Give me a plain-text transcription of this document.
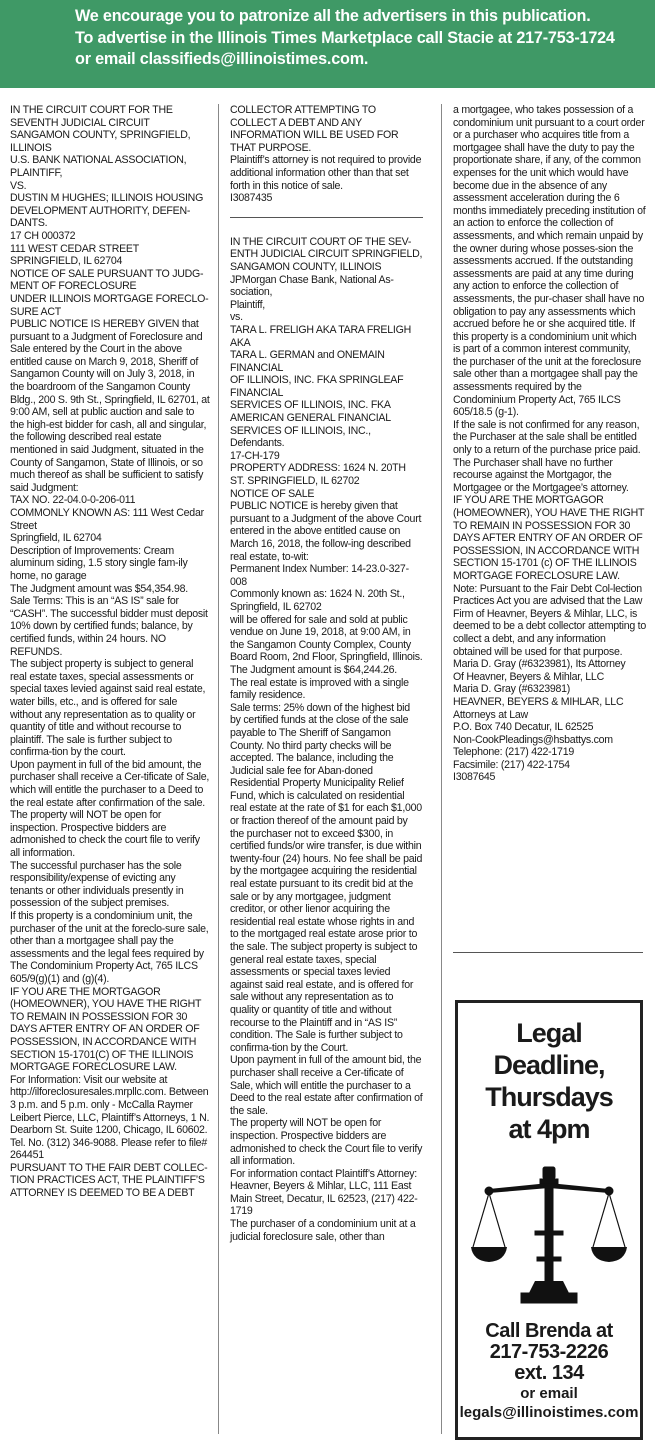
We encourage you to patronize all the advertisers in this publication.
To advertise in the Illinois Times Marketplace call Stacie at 217-753-1724
or email classifieds@illinoistimes.com.

IN THE CIRCUIT COURT FOR THE SEVENTH JUDICIAL CIRCUIT SANGAMON COUNTY, SPRINGFIELD, ILLINOIS

U.S. BANK NATIONAL ASSOCIATION, PLAINTIFF,

VS.

DUSTIN M HUGHES; ILLINOIS HOUSING DEVELOPMENT AUTHORITY, DEFEN-DANTS.

17 CH 000372

111 WEST CEDAR STREET

SPRINGFIELD, IL 62704

NOTICE OF SALE PURSUANT TO JUDG-MENT OF FORECLOSURE

UNDER ILLINOIS MORTGAGE FORECLO-SURE ACT

PUBLIC NOTICE IS HEREBY GIVEN that pursuant to a Judgment of Foreclosure and Sale entered by the Court in the above entitled cause on March 9, 2018, Sheriff of Sangamon County will on July 3, 2018, in the boardroom of the Sangamon County Bldg., 200 S. 9th St., Springfield, IL 62701, at 9:00 AM, sell at public auction and sale to the high-est bidder for cash, all and singular, the following described real estate mentioned in said Judgment, situated in the County of Sangamon, State of Illinois, or so much thereof as shall be sufficient to satisfy said Judgment:

TAX NO. 22-04.0-0-206-011

COMMONLY KNOWN AS: 111 West Cedar Street

Springfield, IL 62704

Description of Improvements: Cream aluminum siding, 1.5 story single fam-ily home, no garage

The Judgment amount was $54,354.98.

Sale Terms: This is an “AS IS” sale for “CASH”. The successful bidder must deposit 10% down by certified funds; balance, by certified funds, within 24 hours. NO REFUNDS.

The subject property is subject to general real estate taxes, special assessments or special taxes levied against said real estate, water bills, etc., and is offered for sale without any representation as to quality or quantity of title and without recourse to plaintiff. The sale is further subject to confirma-tion by the court.

Upon payment in full of the bid amount, the purchaser shall receive a Cer-tificate of Sale, which will entitle the purchaser to a Deed to the real estate after confirmation of the sale.

The property will NOT be open for inspection. Prospective bidders are admonished to check the court file to verify all information.

The successful purchaser has the sole responsibility/expense of evicting any tenants or other individuals presently in possession of the subject premises.

If this property is a condominium unit, the purchaser of the unit at the foreclo-sure sale, other than a mortgagee shall pay the assessments and the legal fees required by The Condominium Property Act, 765 ILCS 605/9(g)(1) and (g)(4).

IF YOU ARE THE MORTGAGOR (HOMEOWNER), YOU HAVE THE RIGHT TO REMAIN IN POSSESSION FOR 30 DAYS AFTER ENTRY OF AN ORDER OF POSSESSION, IN ACCORDANCE WITH SECTION 15-1701(C) OF THE ILLINOIS MORTGAGE FORECLOSURE LAW.

For Information: Visit our website at http://ilforeclosuresales.mrpllc.com. Between 3 p.m. and 5 p.m. only - McCalla Raymer Leibert Pierce, LLC, Plaintiff’s Attorneys, 1 N. Dearborn St. Suite 1200, Chicago, IL 60602. Tel. No. (312) 346-9088. Please refer to file# 264451

PURSUANT TO THE FAIR DEBT COLLEC-TION PRACTICES ACT, THE PLAINTIFF’S ATTORNEY IS DEEMED TO BE A DEBT

COLLECTOR ATTEMPTING TO COLLECT A DEBT AND ANY INFORMATION WILL BE USED FOR THAT PURPOSE.

Plaintiff’s attorney is not required to provide additional information other than that set forth in this notice of sale.

I3087435

IN THE CIRCUIT COURT OF THE SEV-ENTH JUDICIAL CIRCUIT SPRINGFIELD, SANGAMON COUNTY, ILLINOIS

JPMorgan Chase Bank, National As-sociation,

Plaintiff,

vs.

TARA L. FRELIGH AKA TARA FRELIGH AKA

TARA L. GERMAN and ONEMAIN FINANCIAL

OF ILLINOIS, INC. FKA SPRINGLEAF FINANCIAL

SERVICES OF ILLINOIS, INC. FKA AMERICAN GENERAL FINANCIAL SERVICES OF ILLINOIS, INC.,

Defendants.

17-CH-179

PROPERTY ADDRESS: 1624 N. 20TH ST. SPRINGFIELD, IL 62702

NOTICE OF SALE

PUBLIC NOTICE is hereby given that pursuant to a Judgment of the above Court entered in the above entitled cause on March 16, 2018, the follow-ing described real estate, to-wit:

Permanent Index Number: 14-23.0-327-008

Commonly known as: 1624 N. 20th St., Springfield, IL 62702

will be offered for sale and sold at public vendue on June 19, 2018, at 9:00 AM, in the Sangamon County Complex, County Board Room, 2nd Floor, Springfield, Illinois.

The Judgment amount is $64,244.26.

The real estate is improved with a single family residence.

Sale terms: 25% down of the highest bid by certified funds at the close of the sale payable to The Sheriff of Sangamon County. No third party checks will be accepted. The balance, including the Judicial sale fee for Aban-doned Residential Property Municipality Relief Fund, which is calculated on residential real estate at the rate of $1 for each $1,000 or fraction thereof of the amount paid by the purchaser not to exceed $300, in certified funds/or wire transfer, is due within twenty-four (24) hours. No fee shall be paid by the mortgagee acquiring the residential real estate pursuant to its credit bid at the sale or by any mortgagee, judgment creditor, or other lienor acquiring the residential real estate whose rights in and to the mortgaged real estate arose prior to the sale. The subject property is subject to general real estate taxes, special assessments or special taxes levied against said real estate, and is offered for sale without any representation as to quality or quantity of title and without recourse to the Plaintiff and in “AS IS” condition. The Sale is further subject to confirma-tion by the Court.

Upon payment in full of the amount bid, the purchaser shall receive a Cer-tificate of Sale, which will entitle the purchaser to a Deed to the real estate after confirmation of the sale.

The property will NOT be open for inspection. Prospective bidders are admonished to check the Court file to verify all information.

For information contact Plaintiff’s Attorney: Heavner, Beyers & Mihlar, LLC, 111 East Main Street, Decatur, IL 62523, (217) 422-1719

The purchaser of a condominium unit at a judicial foreclosure sale, other than

a mortgagee, who takes possession of a condominium unit pursuant to a court order or a purchaser who acquires title from a mortgagee shall have the duty to pay the proportionate share, if any, of the common expenses for the unit which would have become due in the absence of any assessment acceleration during the 6 months immediately preceding institution of an action to enforce the collection of assessments, and which remain unpaid by the owner during whose posses-sion the assessments accrued. If the outstanding assessments are paid at any time during any action to enforce the collection of assessments, the pur-chaser shall have no obligation to pay any assessments which accrued before he or she acquired title. If this property is a condominium unit which is part of a common interest community, the purchaser of the unit at the foreclosure sale other than a mortgagee shall pay the assessments required by the Condominium Property Act, 765 ILCS 605/18.5 (g-1).

If the sale is not confirmed for any reason, the Purchaser at the sale shall be entitled only to a return of the purchase price paid. The Purchaser shall have no further recourse against the Mortgagor, the Mortgagee or the Mortgagee’s attorney.

IF YOU ARE THE MORTGAGOR (HOMEOWNER), YOU HAVE THE RIGHT TO REMAIN IN POSSESSION FOR 30 DAYS AFTER ENTRY OF AN ORDER OF POSSESSION, IN ACCORDANCE WITH SECTION 15-1701 (c) OF THE ILLINOIS MORTGAGE FORECLOSURE LAW.

Note: Pursuant to the Fair Debt Col-lection Practices Act you are advised that the Law Firm of Heavner, Beyers & Mihlar, LLC, is deemed to be a debt collector attempting to collect a debt, and any information obtained will be used for that purpose.

Maria D. Gray (#6323981), Its Attorney

Of Heavner, Beyers & Mihlar, LLC

Maria D. Gray (#6323981)

HEAVNER, BEYERS & MIHLAR, LLC

Attorneys at Law

P.O. Box 740 Decatur, IL 62525

Non-CookPleadings@hsbattys.com

Telephone: (217) 422-1719

Facsimile: (217) 422-1754

I3087645

Legal Deadline,
Thursdays
at 4pm
Call Brenda at
217-753-2226
ext. 134
or email
legals@illinoistimes.com
